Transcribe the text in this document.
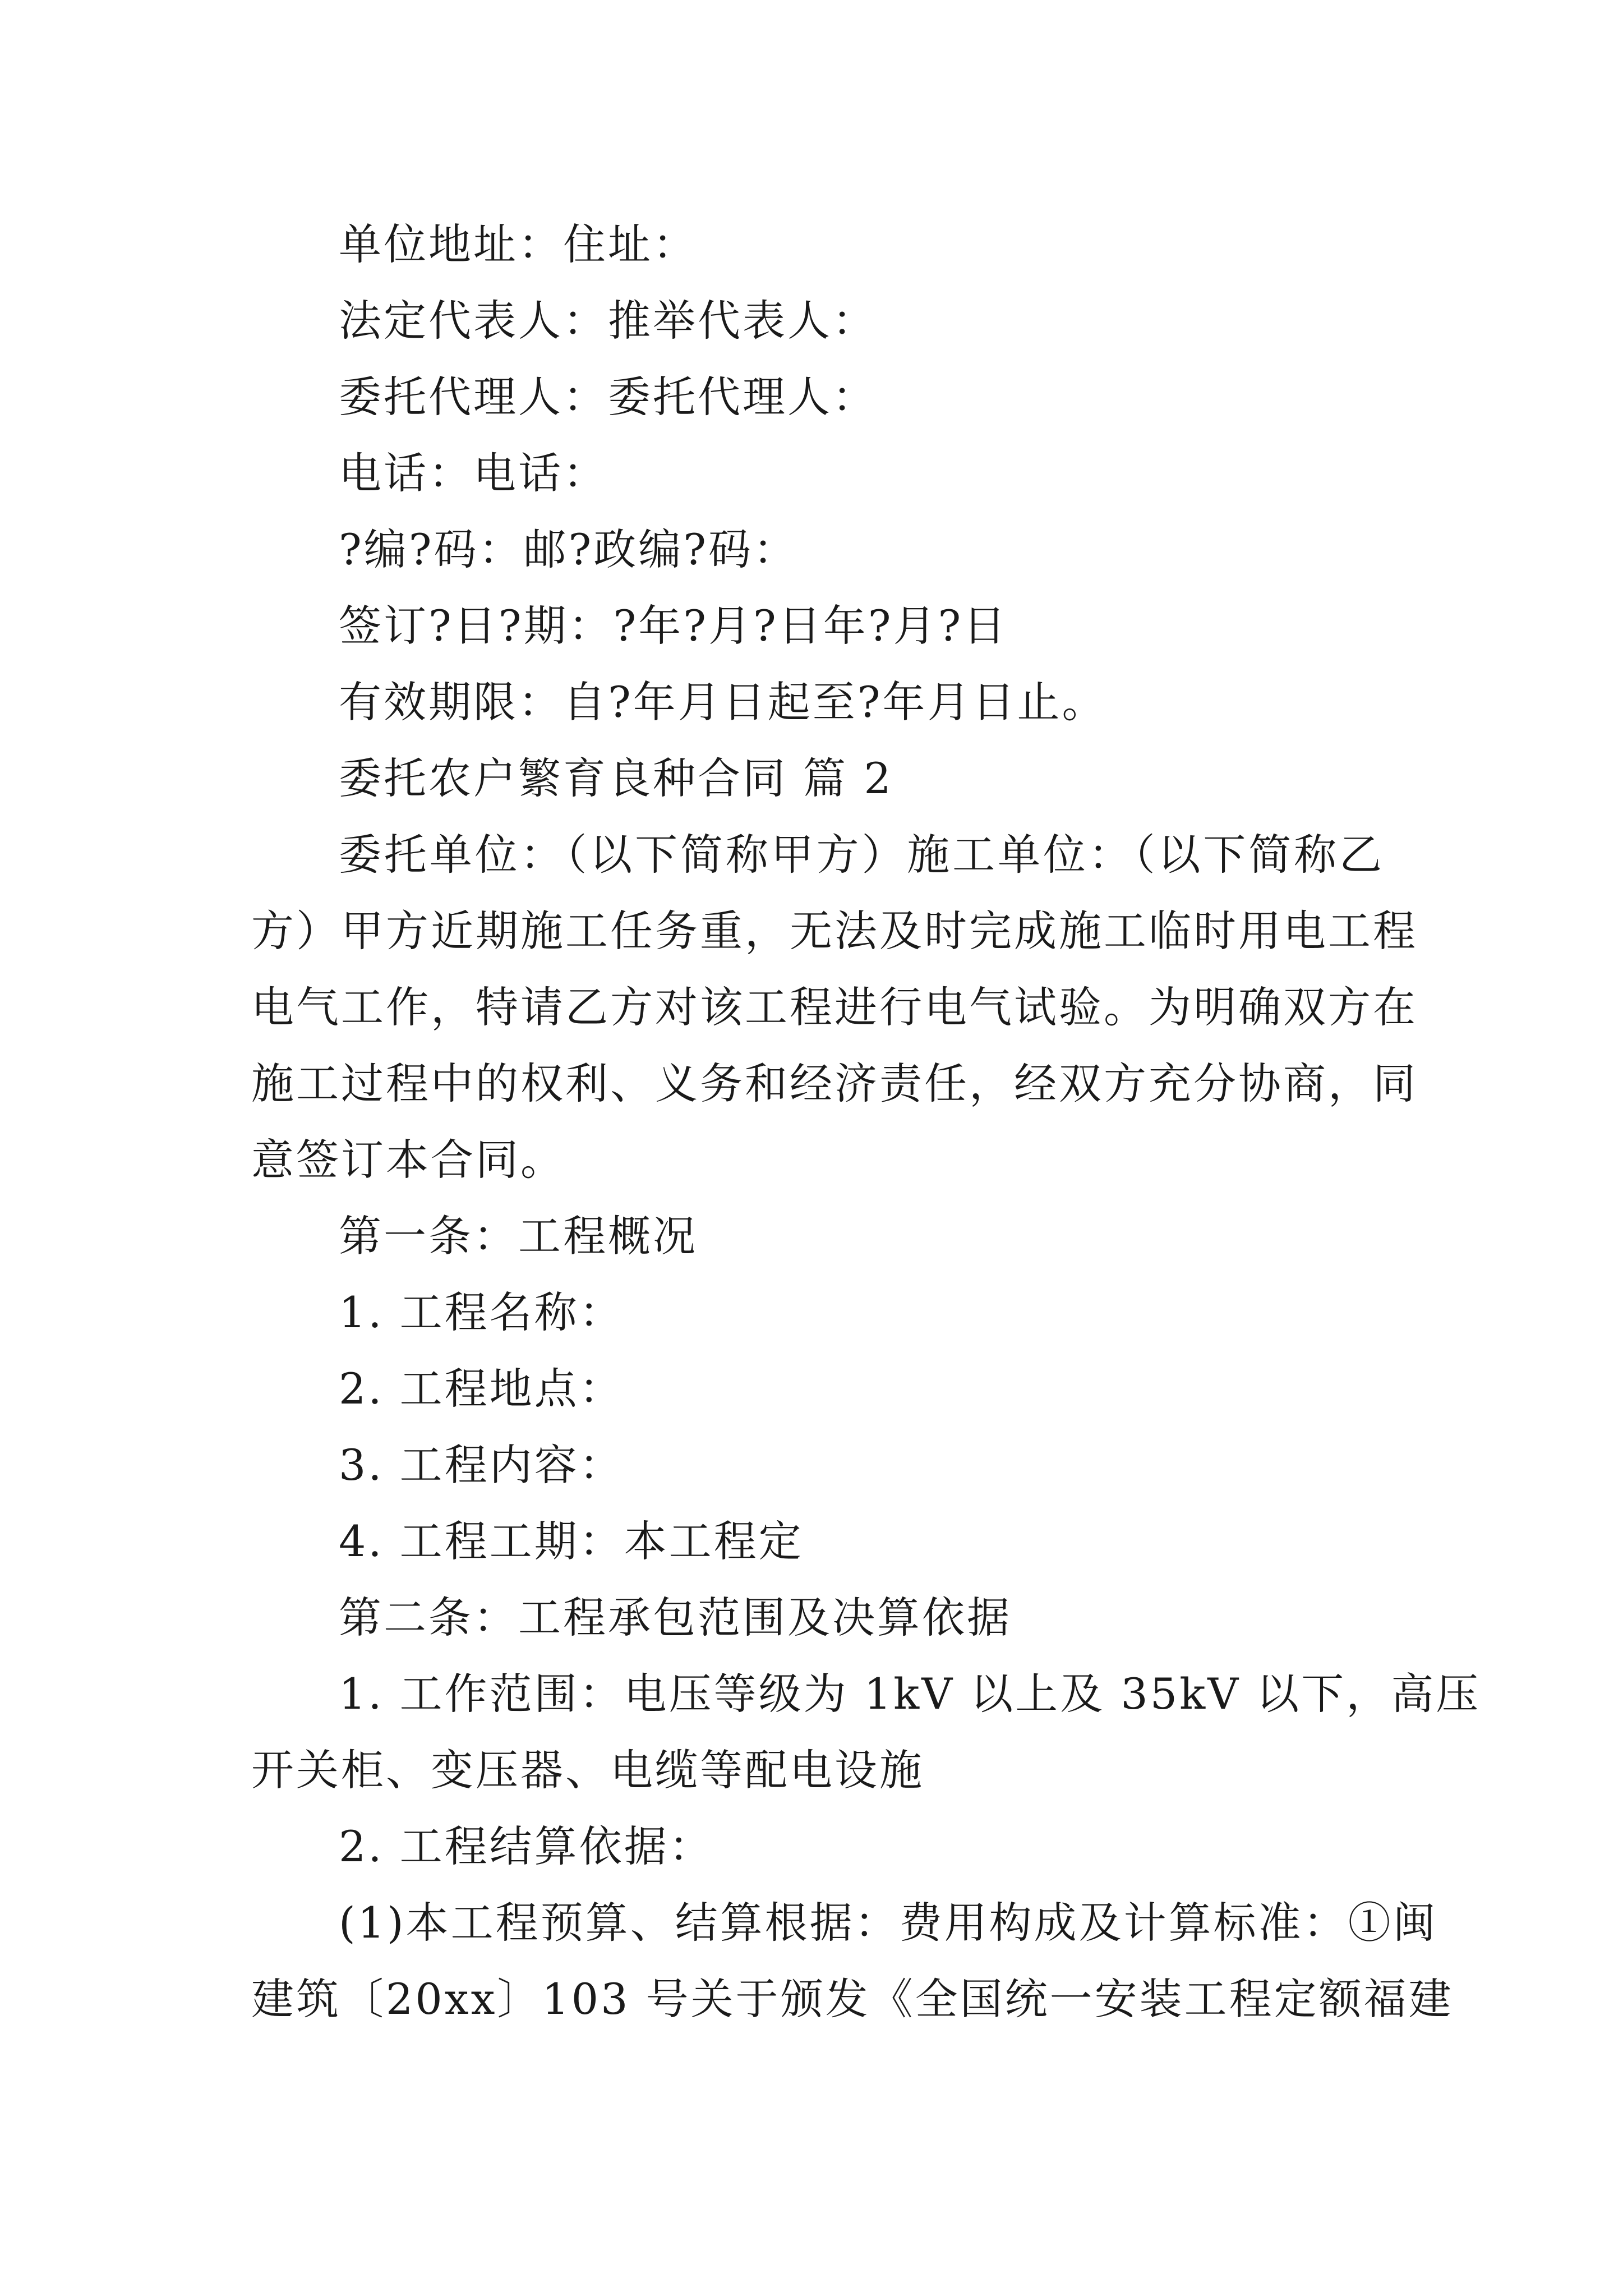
单位地址：住址：
法定代表人：推举代表人：
委托代理人：委托代理人：
电话：电话：
?编?码：邮?政编?码：
签订?日?期：?年?月?日年?月?日
有效期限：自?年月日起至?年月日止。
委托农户繁育良种合同 篇 2
委托单位：（以下简称甲方）施工单位：（以下简称乙
方）甲方近期施工任务重，无法及时完成施工临时用电工程
电气工作，特请乙方对该工程进行电气试验。为明确双方在
施工过程中的权利、义务和经济责任，经双方充分协商，同
意签订本合同。
第一条：工程概况
1. 工程名称：
2. 工程地点：
3. 工程内容：
4. 工程工期：本工程定
第二条：工程承包范围及决算依据
1. 工作范围：电压等级为 1kV 以上及 35kV 以下，高压
开关柜、变压器、电缆等配电设施
2. 工程结算依据：
(1)本工程预算、结算根据：费用构成及计算标准：①闽
建筑〔20xx〕103 号关于颁发《全国统一安装工程定额福建
